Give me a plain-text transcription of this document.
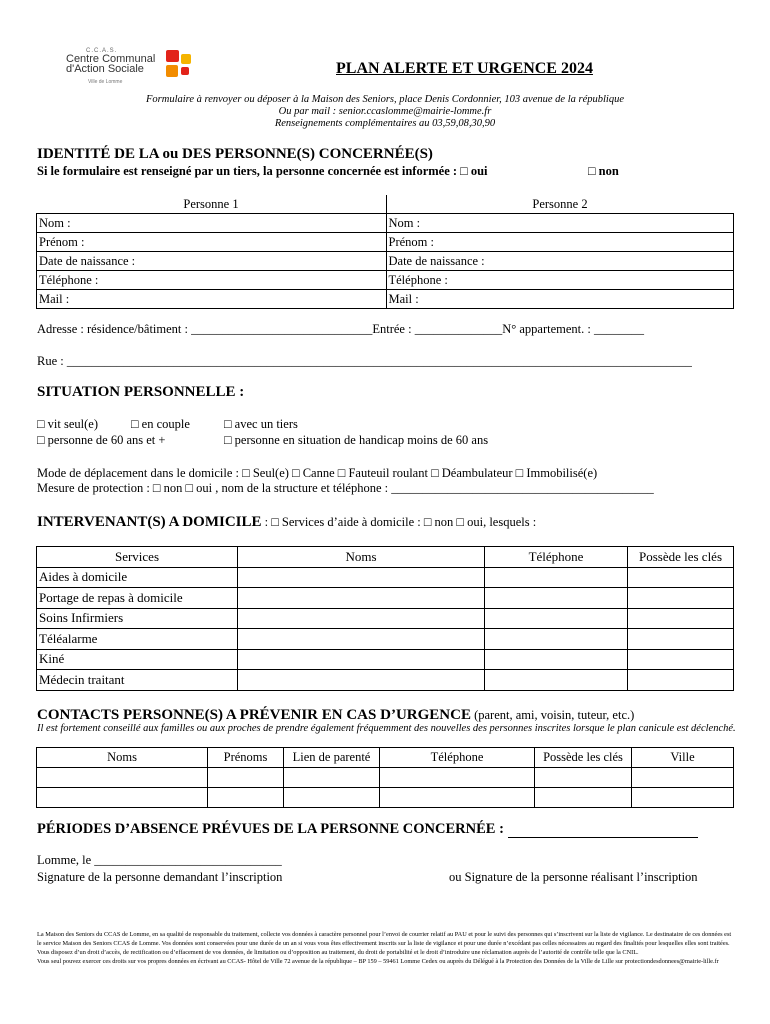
C.C.A.S.
Centre Communal
d'Action Sociale
Ville de Lomme
PLAN ALERTE ET URGENCE 2024
Formulaire à renvoyer ou déposer à la Maison des Seniors, place Denis Cordonnier, 103 avenue de la république
Ou par mail : senior.ccaslomme@mairie-lomme.fr
Renseignements complémentaires au 03,59,08,30,90
IDENTITÉ DE LA ou DES PERSONNE(S) CONCERNÉE(S)
Si le formulaire est renseigné par un tiers, la personne concernée est informée : □ oui	□ non
Personne 1	Personne 2
Nom :	Nom :
Prénom :	Prénom :
Date de naissance :	Date de naissance :
Téléphone :	Téléphone :
Mail :	Mail :
Adresse : résidence/bâtiment : _____________________________Entrée : ______________N° appartement. : ________
Rue : ____________________________________________________________________________________________________
SITUATION PERSONNELLE :
□ vit seul(e)	□ en couple	□ avec un tiers
□ personne de 60 ans et +	□ personne en situation de handicap moins de 60 ans
Mode de déplacement dans le domicile : □ Seul(e) □ Canne □ Fauteuil roulant □ Déambulateur □ Immobilisé(e)
Mesure de protection : □ non □ oui , nom de la structure et téléphone : __________________________________________
INTERVENANT(S) A DOMICILE : □ Services d’aide à domicile : □ non □ oui, lesquels :
Services	Noms	Téléphone	Possède les clés
Aides à domicile			
Portage de repas à domicile			
Soins Infirmiers			
Téléalarme			
Kiné			
Médecin traitant			
CONTACTS PERSONNE(S) A PRÉVENIR EN CAS D’URGENCE (parent, ami, voisin, tuteur, etc.)
Il est fortement conseillé aux familles ou aux proches de prendre également fréquemment des nouvelles des personnes inscrites lorsque le plan canicule est déclenché.
Noms	Prénoms	Lien de parenté	Téléphone	Possède les clés	Ville

PÉRIODES D’ABSENCE PRÉVUES DE LA PERSONNE CONCERNÉE :
Lomme, le ______________________________
Signature de la personne demandant l’inscription	ou Signature de la personne réalisant l’inscription
La Maison des Seniors du CCAS de Lomme, en sa qualité de responsable du traitement, collecte vos données à caractère personnel pour l’envoi de courrier relatif au PAU et pour le suivi des personnes qui s’inscrivent sur la liste de vigilance. Le destinataire de ces données est le service Maison des Seniors CCAS de Lomme. Vos données sont conservées pour une durée de un an si vous vous êtes effectivement inscrits sur la liste de vigilance et pour une durée n’excédant pas celles nécessaires au regard des finalités pour lesquelles elles sont traitées. Vous disposez d’un droit d’accès, de rectification ou d’effacement de vos données, de limitation ou d’opposition au traitement, du droit de portabilité et le droit d’introduire une réclamation auprès de l’autorité de contrôle telle que la CNIL.
Vous seul pouvez exercer ces droits sur vos propres données en écrivant au CCAS- Hôtel de Ville 72 avenue de la république – BP 159 – 59461 Lomme Cedex ou auprès du Délégué à la Protection des Données de la Ville de Lille sur protectiondesdonnees@mairie-lille.fr
